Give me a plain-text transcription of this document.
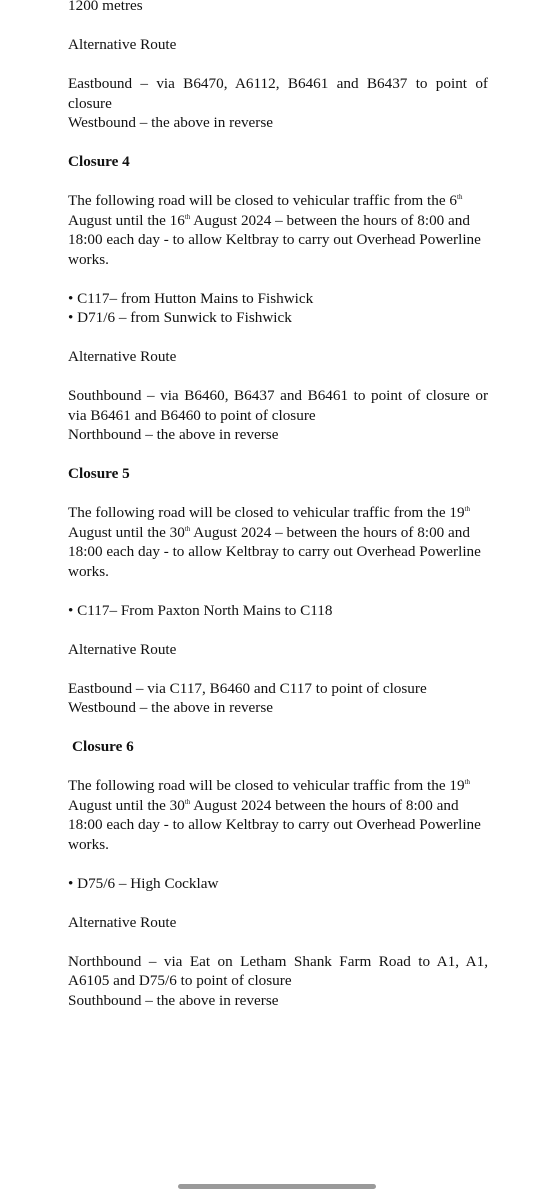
1200 metres

Alternative Route

Eastbound – via B6470, A6112, B6461 and B6437 to point of closure

Westbound – the above in reverse

Closure 4

The following road will be closed to vehicular traffic from the 6th August until the 16th August 2024 – between the hours of 8:00 and 18:00 each day - to allow Keltbray to carry out Overhead Powerline works.

• C117– from Hutton Mains to Fishwick

• D71/6 – from Sunwick to Fishwick

Alternative Route

Southbound – via B6460, B6437 and B6461 to point of closure or via B6461 and B6460 to point of closure

Northbound – the above in reverse

Closure 5

The following road will be closed to vehicular traffic from the 19th August until the 30th August 2024 – between the hours of 8:00 and 18:00 each day - to allow Keltbray to carry out Overhead Powerline works.

• C117– From Paxton North Mains to C118

Alternative Route

Eastbound – via C117, B6460 and C117 to point of closure

Westbound – the above in reverse

Closure 6

The following road will be closed to vehicular traffic from the 19th August until the 30th August 2024 between the hours of 8:00 and 18:00 each day - to allow Keltbray to carry out Overhead Powerline works.

• D75/6 – High Cocklaw

Alternative Route

Northbound – via Eat on Letham Shank Farm Road to A1, A1, A6105 and D75/6 to point of closure

Southbound – the above in reverse
